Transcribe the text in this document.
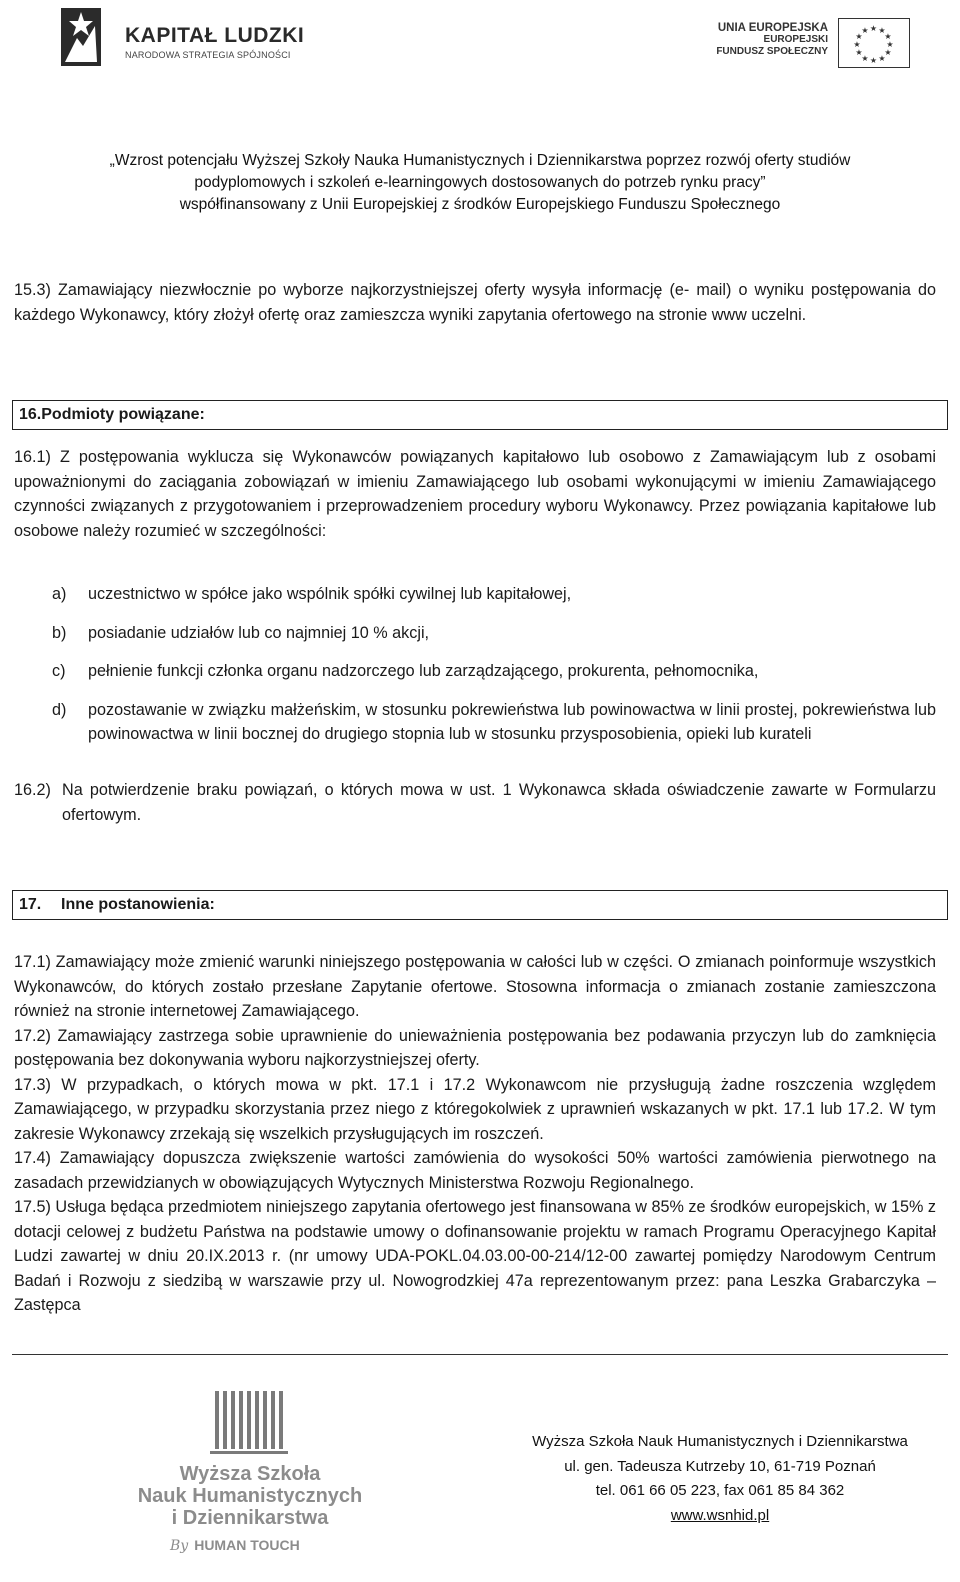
KAPITAŁ LUDZKI
NARODOWA STRATEGIA SPÓJNOŚCI
UNIA EUROPEJSKA
EUROPEJSKI
FUNDUSZ SPOŁECZNY
★ ★
★
★
★
★
★
★
★
★
★
★
„Wzrost potencjału Wyższej Szkoły Nauka Humanistycznych i Dziennikarstwa poprzez rozwój oferty studiów
podyplomowych i szkoleń e-learningowych dostosowanych do potrzeb rynku pracy”
współfinansowany z Unii Europejskiej z środków Europejskiego Funduszu Społecznego

15.3) Zamawiający niezwłocznie po wyborze najkorzystniejszej oferty wysyła informację (e- mail) o wyniku postępowania do każdego Wykonawcy, który złożył ofertę oraz zamieszcza wyniki zapytania ofertowego na stronie www uczelni.

16.Podmioty powiązane:

16.1) Z postępowania wyklucza się Wykonawców powiązanych kapitałowo lub osobowo z Zamawiającym lub z osobami upoważnionymi do zaciągania zobowiązań w imieniu Zamawiającego lub osobami wykonującymi w imieniu Zamawiającego czynności związanych z przygotowaniem i przeprowadzeniem procedury wyboru Wykonawcy. Przez powiązania kapitałowe lub osobowe należy rozumieć w szczególności:

a)	uczestnictwo w spółce jako wspólnik spółki cywilnej lub kapitałowej,
b)	posiadanie udziałów lub co najmniej 10 % akcji,
c)	pełnienie funkcji członka organu nadzorczego lub zarządzającego, prokurenta, pełnomocnika,
d)	pozostawanie w związku małżeńskim, w stosunku pokrewieństwa lub powinowactwa w linii prostej, pokrewieństwa lub powinowactwa w linii bocznej do drugiego stopnia lub w stosunku przysposobienia, opieki lub kurateli
16.2) Na potwierdzenie braku powiązań, o których mowa w ust. 1 Wykonawca składa oświadczenie zawarte w Formularzu ofertowym.
17. Inne postanowienia:

17.1) Zamawiający może zmienić warunki niniejszego postępowania w całości lub w części. O zmianach poinformuje wszystkich Wykonawców, do których zostało przesłane Zapytanie ofertowe. Stosowna informacja o zmianach zostanie zamieszczona również na stronie internetowej Zamawiającego.

17.2) Zamawiający zastrzega sobie uprawnienie do unieważnienia postępowania bez podawania przyczyn lub do zamknięcia postępowania bez dokonywania wyboru najkorzystniejszej oferty.

17.3) W przypadkach, o których mowa w pkt. 17.1 i 17.2 Wykonawcom nie przysługują żadne roszczenia względem Zamawiającego, w przypadku skorzystania przez niego z któregokolwiek z uprawnień wskazanych w pkt. 17.1 lub 17.2. W tym zakresie Wykonawcy zrzekają się wszelkich przysługujących im roszczeń.

17.4) Zamawiający dopuszcza zwiększenie wartości zamówienia do wysokości 50% wartości zamówienia pierwotnego na zasadach przewidzianych w obowiązujących Wytycznych Ministerstwa Rozwoju Regionalnego.

17.5) Usługa będąca przedmiotem niniejszego zapytania ofertowego jest finansowana w 85% ze środków europejskich, w 15% z dotacji celowej z budżetu Państwa na podstawie umowy o dofinansowanie projektu w ramach Programu Operacyjnego Kapitał Ludzi zawartej w dniu 20.IX.2013 r. (nr umowy UDA-POKL.04.03.00-00-214/12-00 zawartej pomiędzy Narodowym Centrum Badań i Rozwoju z siedzibą w warszawie przy ul. Nowogrodzkiej 47a reprezentowanym przez: pana Leszka Grabarczyka – Zastępca

Wyższa Szkoła
Nauk Humanistycznych
i Dziennikarstwa
By HUMAN TOUCH
Wyższa Szkoła Nauk Humanistycznych i Dziennikarstwa
ul. gen. Tadeusza Kutrzeby 10, 61-719 Poznań
tel. 061 66 05 223, fax 061 85 84 362
www.wsnhid.pl
